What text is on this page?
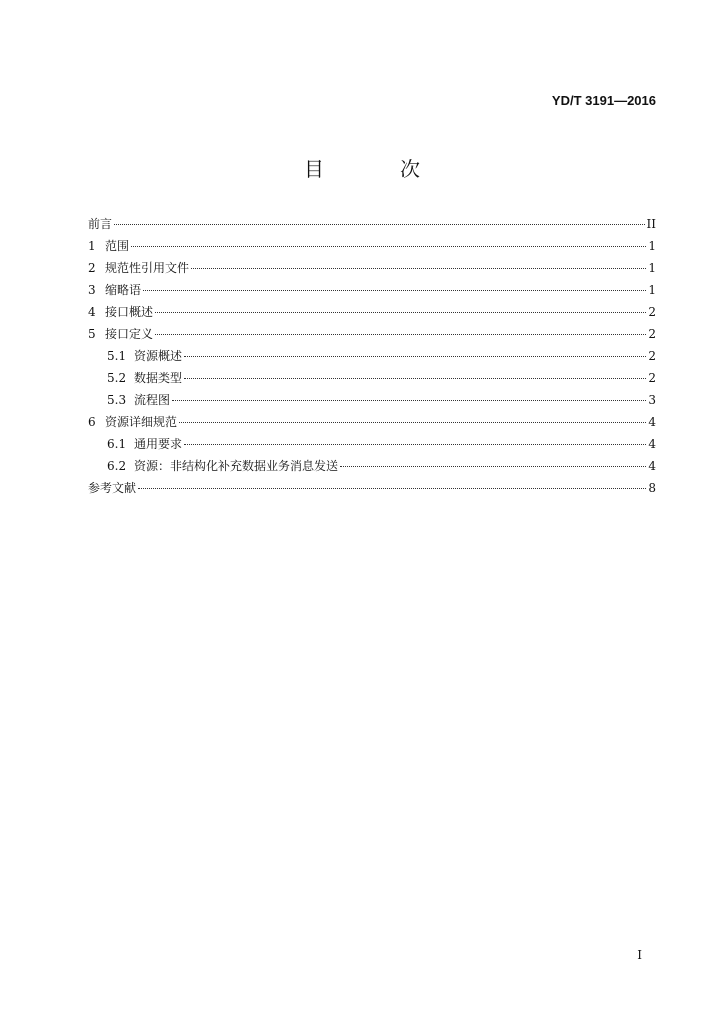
YD/T 3191—2016
目　次
前言	II
1 范围	1
2 规范性引用文件	1
3 缩略语	1
4 接口概述	2
5 接口定义	2
5.1 资源概述	2
5.2 数据类型	2
5.3 流程图	3
6 资源详细规范	4
6.1 通用要求	4
6.2 资源：非结构化补充数据业务消息发送	4
参考文献	8
I
